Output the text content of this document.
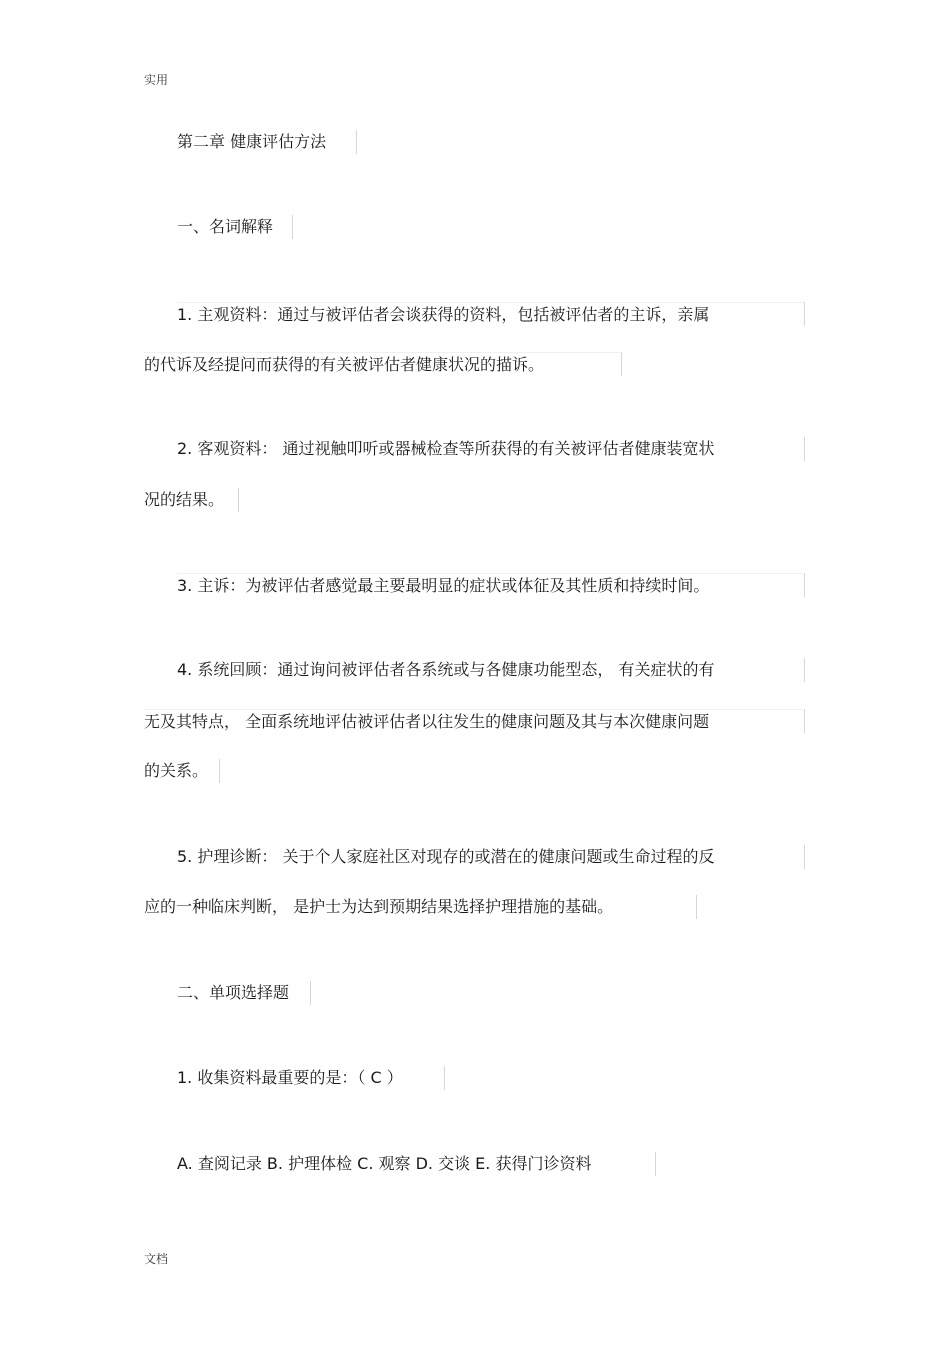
实用
第二章 健康评估方法
一、名词解释
1. 主观资料：通过与被评估者会谈获得的资料，包括被评估者的主诉，亲属
的代诉及经提问而获得的有关被评估者健康状况的描诉。
2. 客观资料： 通过视触叩听或器械检查等所获得的有关被评估者健康装宽状
况的结果。
3. 主诉：为被评估者感觉最主要最明显的症状或体征及其性质和持续时间。
4. 系统回顾：通过询问被评估者各系统或与各健康功能型态， 有关症状的有
无及其特点， 全面系统地评估被评估者以往发生的健康问题及其与本次健康问题
的关系。
5. 护理诊断： 关于个人家庭社区对现存的或潜在的健康问题或生命过程的反
应的一种临床判断， 是护士为达到预期结果选择护理措施的基础。
二、单项选择题
1. 收集资料最重要的是：（ C ）
A. 查阅记录 B. 护理体检 C. 观察 D. 交谈 E. 获得门诊资料
文档
